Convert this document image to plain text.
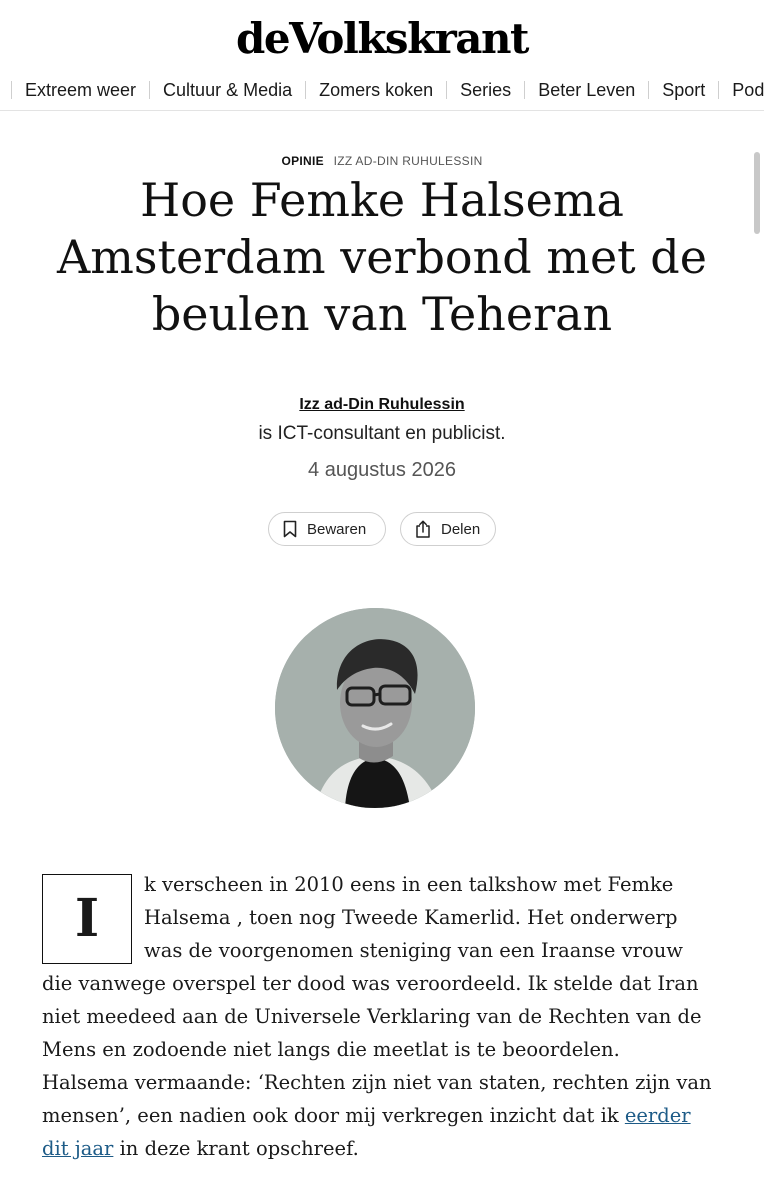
deVolkskrant
Extreem weer Cultuur & Media Zomers koken Series Beter Leven Sport Pod
OPINIE IZZ AD-DIN RUHULESSIN
Hoe Femke Halsema Amsterdam verbond met de beulen van Teheran
Izz ad-Din Ruhulessin
is ICT-consultant en publicist.
4 augustus 2026
Bewaren	Delen
I
k verscheen in 2010 eens in een talkshow met Femke Halsema , toen nog Tweede Kamerlid. Het onderwerp was de voorgenomen steniging van een Iraanse vrouw die vanwege overspel ter dood was veroordeeld. Ik stelde dat Iran niet meedeed aan de Universele Verklaring van de Rechten van de Mens en zodoende niet langs die meetlat is te beoordelen. Halsema vermaande: ‘Rechten zijn niet van staten, rechten zijn van mensen’, een nadien ook door mij verkregen inzicht dat ik eerder dit jaar in deze krant opschreef.
